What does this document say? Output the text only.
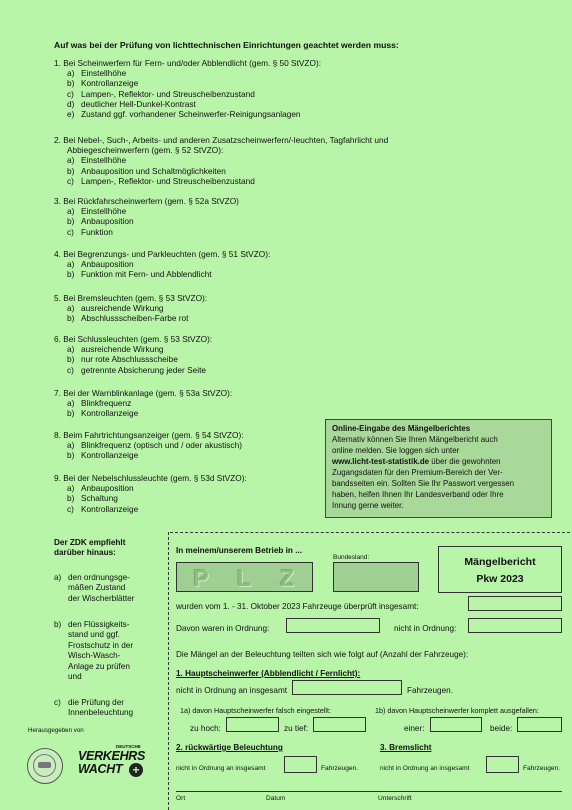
Auf was bei der Prüfung von lichttechnischen Einrichtungen geachtet werden muss:
1. Bei Scheinwerfern für Fern- und/oder Abblendlicht (gem. § 50 StVZO):
a) Einstellhöhe
b) Kontrollanzeige
c) Lampen-, Reflektor- und Streuscheibenzustand
d) deutlicher Hell-Dunkel-Kontrast
e) Zustand ggf. vorhandener Scheinwerfer-Reinigungsanlagen
2. Bei Nebel-, Such-, Arbeits- und anderen Zusatzscheinwerfern/-leuchten, Tagfahrlicht und
Abbiegescheinwerfern (gem. § 52 StVZO):
a) Einstellhöhe
b) Anbauposition und Schaltmöglichkeiten
c) Lampen-, Reflektor- und Streuscheibenzustand
3. Bei Rückfahrscheinwerfern (gem. § 52a StVZO)
a) Einstellhöhe
b) Anbauposition
c) Funktion
4. Bei Begrenzungs- und Parkleuchten (gem. § 51 StVZO):
a) Anbauposition
b) Funktion mit Fern- und Abblendlicht
5. Bei Bremsleuchten (gem. § 53 StVZO):
a) ausreichende Wirkung
b) Abschlussscheiben-Farbe rot
6. Bei Schlussleuchten (gem. § 53 StVZO):
a) ausreichende Wirkung
b) nur rote Abschlussscheibe
c) getrennte Absicherung jeder Seite
7. Bei der Warnblinkanlage (gem. § 53a StVZO):
a) Blinkfrequenz
b) Kontrollanzeige
8. Beim Fahrtrichtungsanzeiger (gem. § 54 StVZO):
a) Blinkfrequenz (optisch und / oder akustisch)
b) Kontrollanzeige
9. Bei der Nebelschlussleuchte (gem. § 53d StVZO):
a) Anbauposition
b) Schaltung
c) Kontrollanzeige

Online-Eingabe des Mängelberichtes

Alternativ können Sie Ihren Mängelbericht auch

online melden. Sie loggen sich unter

www.licht-test-statistik.de über die gewohnten

Zugangsdaten für den Premium-Bereich der Ver-

bandsseiten ein. Sollten Sie Ihr Passwort vergessen

haben, helfen Ihnen Ihr Landesverband oder Ihre

Innung gerne weiter.

Der ZDK empfiehlt
darüber hinaus:
a) den ordnungsge-
mäßen Zustand
der Wischerblätter
b) den Flüssigkeits-
stand und ggf.
Frostschutz in der
Wisch-Wasch-
Anlage zu prüfen
und
c) die Prüfung der
Innenbeleuchtung
Herausgegeben von
DEUTSCHE
VERKEHRS
WACHT +
In meinem/unserem Betrieb in ...
P	L	Z
Bundesland:	Mängelbericht
Pkw 2023
wurden vom 1. - 31. Oktober 2023 Fahrzeuge überprüft insgesamt:
Davon waren in Ordnung:	nicht in Ordnung:
Die Mängel an der Beleuchtung teilten sich wie folgt auf (Anzahl der Fahrzeuge):
1. Hauptscheinwerfer (Abblendlicht / Fernlicht):
nicht in Ordnung an insgesamt	Fahrzeugen.
1a) davon Hauptscheinwerfer falsch eingestellt:	1b) davon Hauptscheinwerfer komplett ausgefallen:
zu hoch:	zu tief:	einer:	beide:
2. rückwärtige Beleuchtung	3. Bremslicht
nicht in Ordnung an insgesamt	Fahrzeugen.	nicht in Ordnung an insgesamt	Fahrzeugen.
Ort	Datum	Unterschrift
